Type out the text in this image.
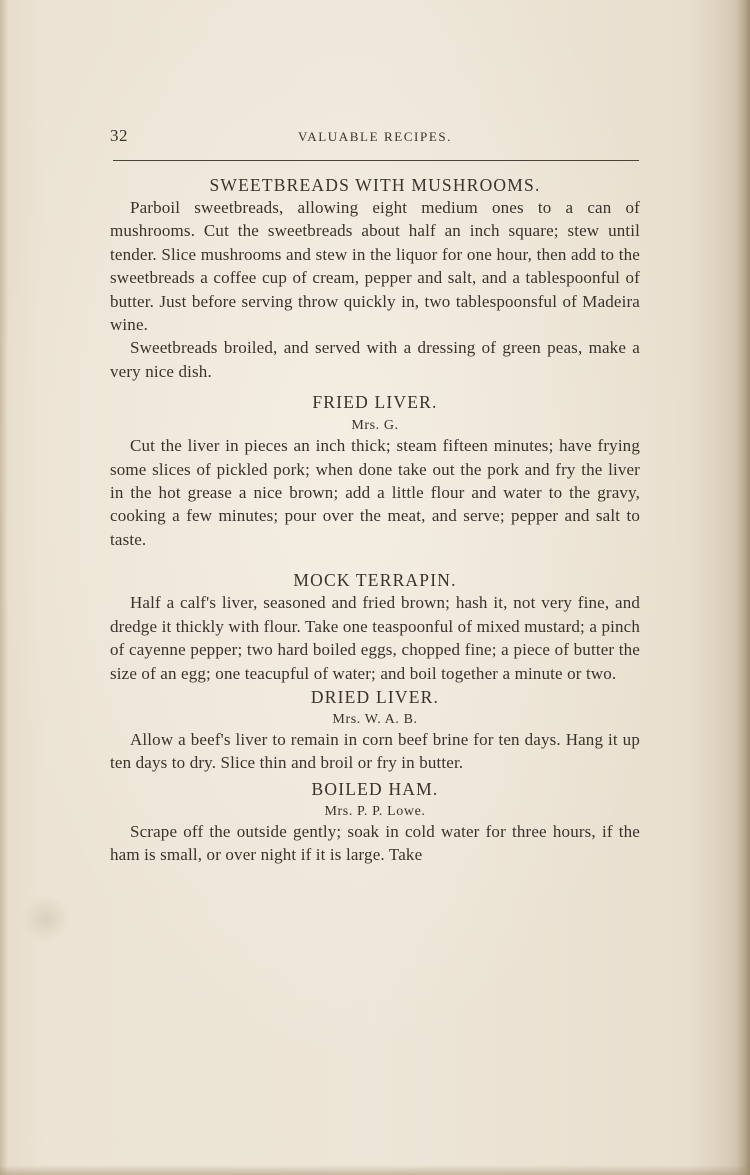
32	VALUABLE RECIPES.
SWEETBREADS WITH MUSHROOMS.

Parboil sweetbreads, allowing eight medium ones to a can of mushrooms. Cut the sweetbreads about half an inch square; stew until tender. Slice mushrooms and stew in the liquor for one hour, then add to the sweetbreads a coffee cup of cream, pepper and salt, and a tablespoonful of butter. Just before serving throw quickly in, two tablespoonsful of Madeira wine.

Sweetbreads broiled, and served with a dressing of green peas, make a very nice dish.

FRIED LIVER.

Mrs. G.

Cut the liver in pieces an inch thick; steam fifteen minutes; have frying some slices of pickled pork; when done take out the pork and fry the liver in the hot grease a nice brown; add a little flour and water to the gravy, cooking a few minutes; pour over the meat, and serve; pepper and salt to taste.

MOCK TERRAPIN.

Half a calf's liver, seasoned and fried brown; hash it, not very fine, and dredge it thickly with flour. Take one teaspoonful of mixed mustard; a pinch of cayenne pepper; two hard boiled eggs, chopped fine; a piece of butter the size of an egg; one teacupful of water; and boil together a minute or two.

DRIED LIVER.

Mrs. W. A. B.

Allow a beef's liver to remain in corn beef brine for ten days. Hang it up ten days to dry. Slice thin and broil or fry in butter.

BOILED HAM.

Mrs. P. P. Lowe.

Scrape off the outside gently; soak in cold water for three hours, if the ham is small, or over night if it is large. Take
